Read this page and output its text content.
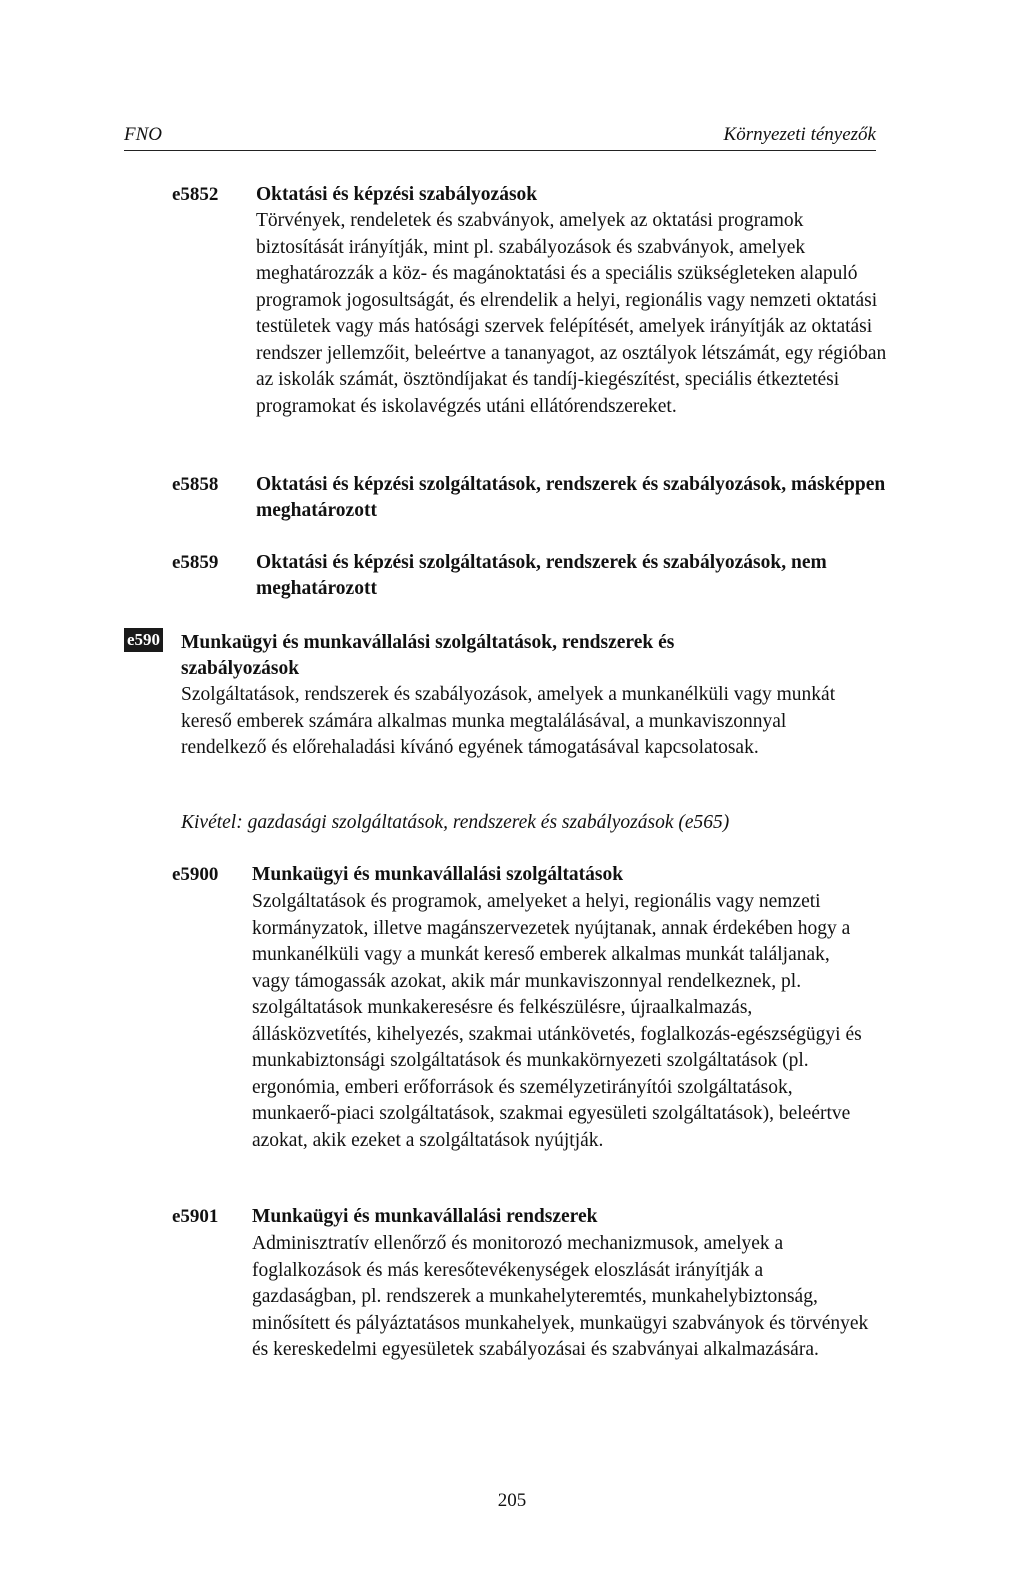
FNO	Környezeti tényezők
e5852 Oktatási és képzési szabályozások
Törvények, rendeletek és szabványok, amelyek az oktatási programok biztosítását irányítják, mint pl. szabályozások és szabványok, amelyek meghatározzák a köz- és magánoktatási és a speciális szükségleteken alapuló programok jogosultságát, és elrendelik a helyi, regionális vagy nemzeti oktatási testületek vagy más hatósági szervek felépítését, amelyek irányítják az oktatási rendszer jellemzőit, beleértve a tananyagot, az osztályok létszámát, egy régióban az iskolák számát, ösztöndíjakat és tandíj-kiegészítést, speciális étkeztetési programokat és iskolavégzés utáni ellátórendszereket.
e5858 Oktatási és képzési szolgáltatások, rendszerek és szabályozások, másképpen meghatározott
e5859 Oktatási és képzési szolgáltatások, rendszerek és szabályozások, nem meghatározott
e590 Munkaügyi és munkavállalási szolgáltatások, rendszerek és szabályozások
Szolgáltatások, rendszerek és szabályozások, amelyek a munkanélküli vagy munkát kereső emberek számára alkalmas munka megtalálásával, a munkaviszonnyal rendelkező és előrehaladási kívánó egyének támogatásával kapcsolatosak.
Kivétel: gazdasági szolgáltatások, rendszerek és szabályozások (e565)
e5900 Munkaügyi és munkavállalási szolgáltatások
Szolgáltatások és programok, amelyeket a helyi, regionális vagy nemzeti kormányzatok, illetve magánszervezetek nyújtanak, annak érdekében hogy a munkanélküli vagy a munkát kereső emberek alkalmas munkát találjanak, vagy támogassák azokat, akik már munkaviszonnyal rendelkeznek, pl. szolgáltatások munkakeresésre és felkészülésre, újraalkalmazás, állásközvetítés, kihelyezés, szakmai utánkövetés, foglalkozás-egészségügyi és munkabiztonsági szolgáltatások és munkakörnyezeti szolgáltatások (pl. ergonómia, emberi erőforrások és személyzetirányítói szolgáltatások, munkaerő-piaci szolgáltatások, szakmai egyesületi szolgáltatások), beleértve azokat, akik ezeket a szolgáltatások nyújtják.
e5901 Munkaügyi és munkavállalási rendszerek
Adminisztratív ellenőrző és monitorozó mechanizmusok, amelyek a foglalkozások és más keresőtevékenységek eloszlását irányítják a gazdaságban, pl. rendszerek a munkahelyteremtés, munkahelybiztonság, minősített és pályáztatásos munkahelyek, munkaügyi szabványok és törvények és kereskedelmi egyesületek szabályozásai és szabványai alkalmazására.
205
